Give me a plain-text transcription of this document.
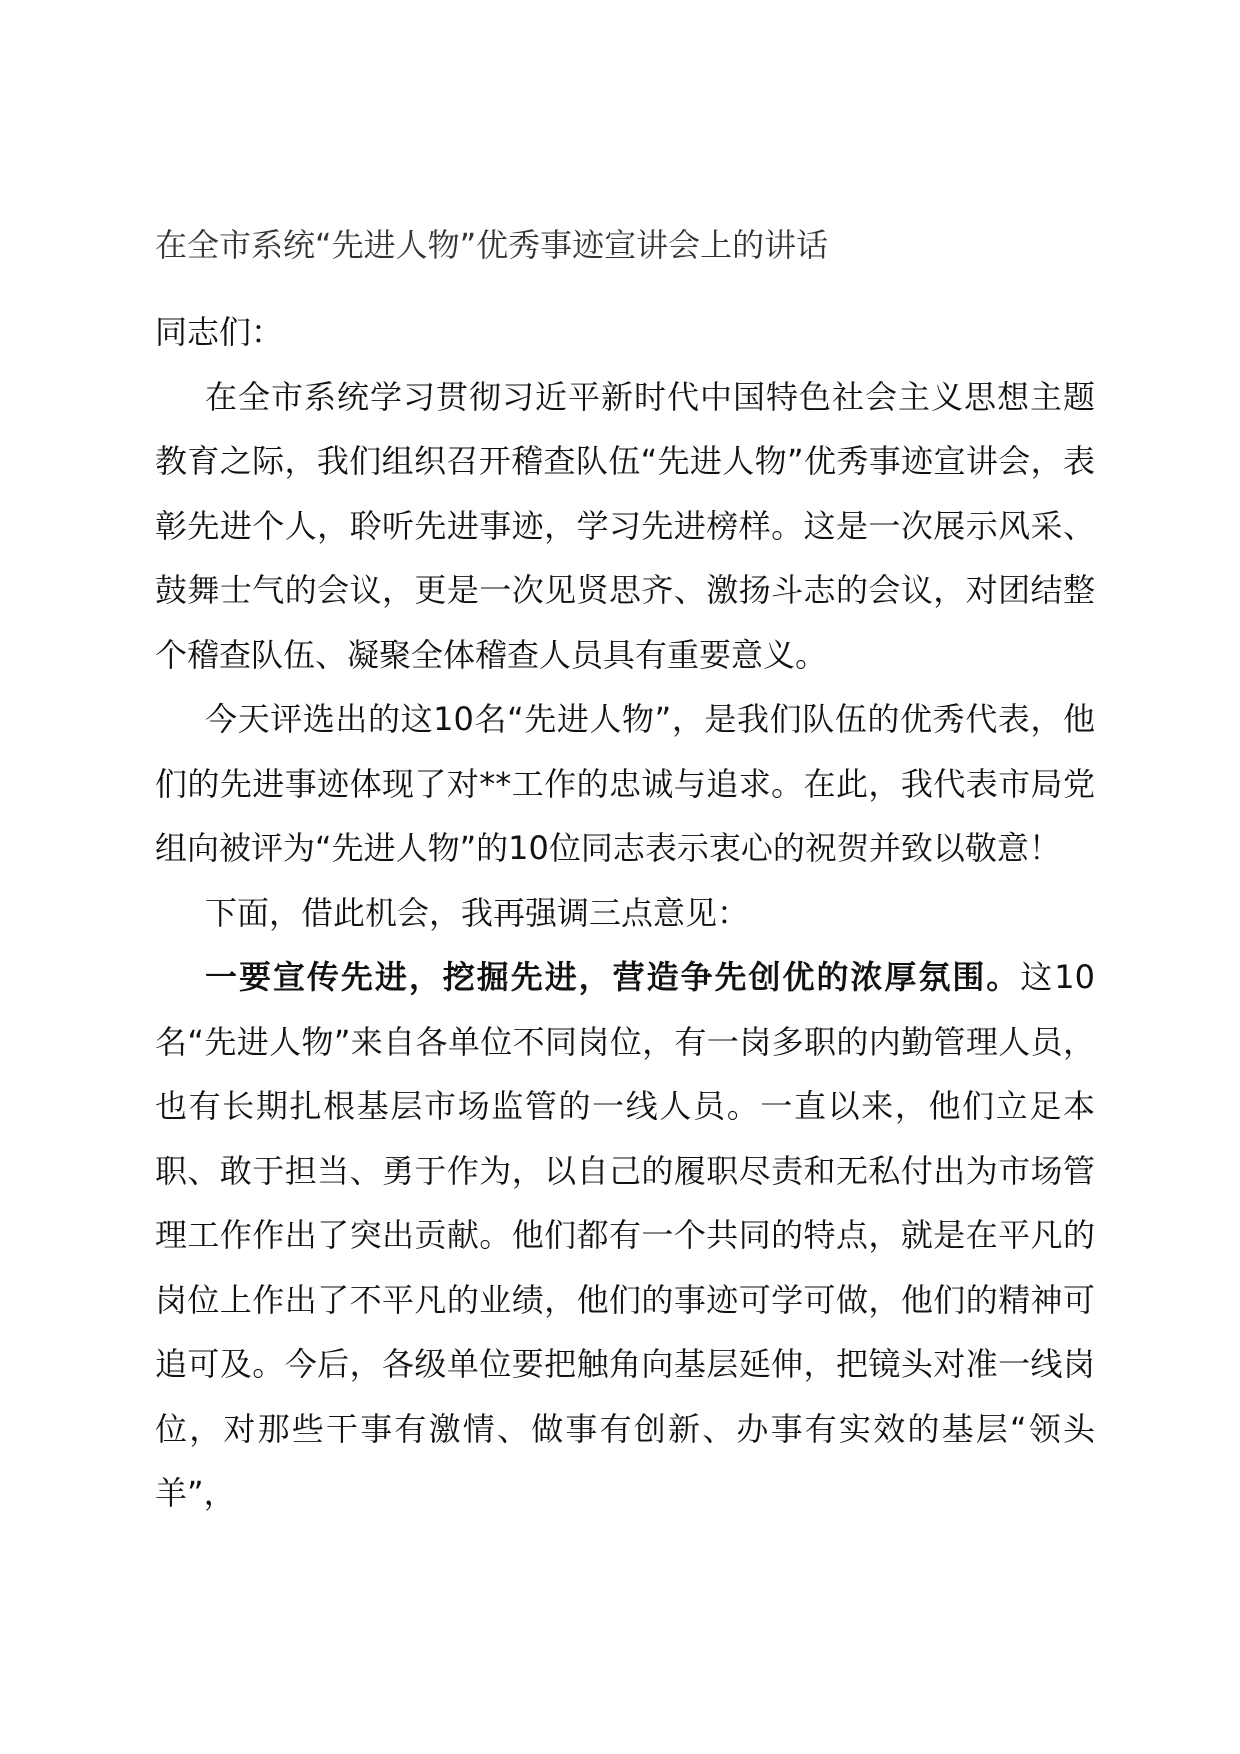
在全市系统“先进人物”优秀事迹宣讲会上的讲话

同志们：

在全市系统学习贯彻习近平新时代中国特色社会主义思想主题教育之际，我们组织召开稽查队伍“先进人物”优秀事迹宣讲会，表彰先进个人，聆听先进事迹，学习先进榜样。这是一次展示风采、鼓舞士气的会议，更是一次见贤思齐、激扬斗志的会议，对团结整个稽查队伍、凝聚全体稽查人员具有重要意义。

今天评选出的这10名“先进人物”，是我们队伍的优秀代表，他们的先进事迹体现了对**工作的忠诚与追求。在此，我代表市局党组向被评为“先进人物”的10位同志表示衷心的祝贺并致以敬意！

下面，借此机会，我再强调三点意见：

一要宣传先进，挖掘先进，营造争先创优的浓厚氛围。这10名“先进人物”来自各单位不同岗位，有一岗多职的内勤管理人员，也有长期扎根基层市场监管的一线人员。一直以来，他们立足本职、敢于担当、勇于作为，以自己的履职尽责和无私付出为市场管理工作作出了突出贡献。他们都有一个共同的特点，就是在平凡的岗位上作出了不平凡的业绩，他们的事迹可学可做，他们的精神可追可及。今后，各级单位要把触角向基层延伸，把镜头对准一线岗位，对那些干事有激情、做事有创新、办事有实效的基层“领头羊”，
